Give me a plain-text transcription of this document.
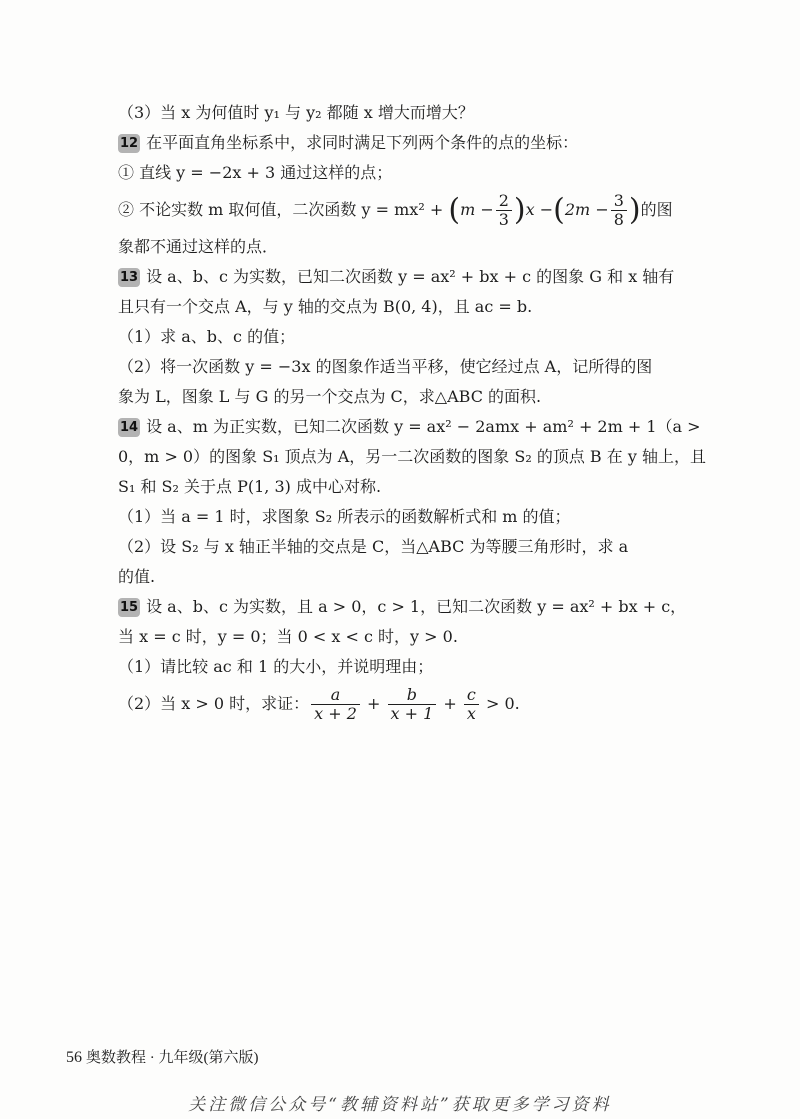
（3）当 x 为何值时 y₁ 与 y₂ 都随 x 增大而增大？
12 在平面直角坐标系中，求同时满足下列两个条件的点的坐标：
① 直线 y = −2x + 3 通过这样的点；
② 不论实数 m 取何值，二次函数 $y = mx^2 + (m - \frac{2}{3} )x -(2m - \frac{3}{8}$ )的图
象都不通过这样的点．
13 设 a、b、c 为实数，已知二次函数 y = ax² + bx + c 的图象 G 和 x 轴有
且只有一个交点 A，与 y 轴的交点为 B(0, 4)，且 ac = b.
（1）求 a、b、c 的值；
（2）将一次函数 y = −3x 的图象作适当平移，使它经过点 A，记所得的图
象为 L，图象 L 与 G 的另一个交点为 C，求△ABC 的面积.
14 设 a、m 为正实数，已知二次函数 y = ax² − 2amx + am² + 2m + 1（a >
0，m > 0）的图象 S₁ 顶点为 A，另一二次函数的图象 S₂ 的顶点 B 在 y 轴上，且
S₁ 和 S₂ 关于点 P(1, 3) 成中心对称.
（1）当 a = 1 时，求图象 S₂ 所表示的函数解析式和 m 的值；
（2）设 S₂ 与 x 轴正半轴的交点是 C，当△ABC 为等腰三角形时，求 a
的值.
15 设 a、b、c 为实数，且 a > 0，c > 1，已知二次函数 y = ax² + bx + c，
当 x = c 时，y = 0；当 0 < x < c 时，y > 0.
（1）请比较 ac 和 1 的大小，并说明理由；
（2）当 x > 0 时，求证： $\frac{a}{x + 2} + \frac{b}{x + 1} + \frac{c}{x} > 0$.
56 奥数教程 · 九年级(第六版)
关注微信公众号“教辅资料站”获取更多学习资料
